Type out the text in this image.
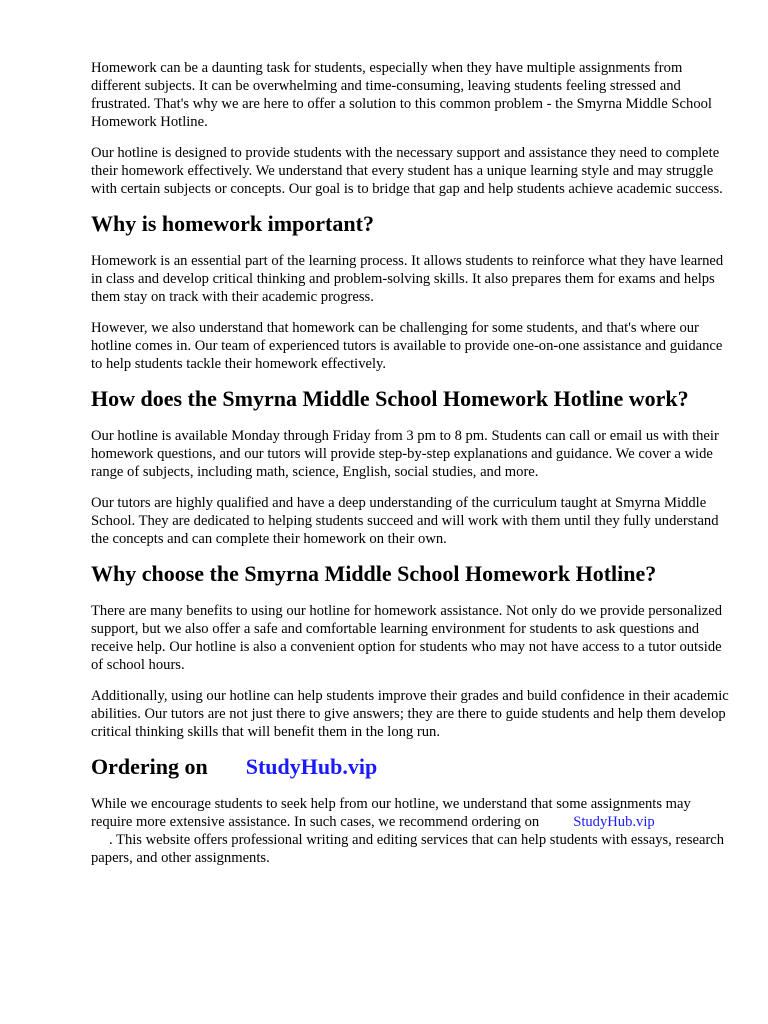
Homework can be a daunting task for students, especially when they have multiple assignments from different subjects. It can be overwhelming and time-consuming, leaving students feeling stressed and frustrated. That's why we are here to offer a solution to this common problem - the Smyrna Middle School Homework Hotline.

Our hotline is designed to provide students with the necessary support and assistance they need to complete their homework effectively. We understand that every student has a unique learning style and may struggle with certain subjects or concepts. Our goal is to bridge that gap and help students achieve academic success.

Why is homework important?

Homework is an essential part of the learning process. It allows students to reinforce what they have learned in class and develop critical thinking and problem-solving skills. It also prepares them for exams and helps them stay on track with their academic progress.

However, we also understand that homework can be challenging for some students, and that's where our hotline comes in. Our team of experienced tutors is available to provide one-on-one assistance and guidance to help students tackle their homework effectively.

How does the Smyrna Middle School Homework Hotline work?

Our hotline is available Monday through Friday from 3 pm to 8 pm. Students can call or email us with their homework questions, and our tutors will provide step-by-step explanations and guidance. We cover a wide range of subjects, including math, science, English, social studies, and more.

Our tutors are highly qualified and have a deep understanding of the curriculum taught at Smyrna Middle School. They are dedicated to helping students succeed and will work with them until they fully understand the concepts and can complete their homework on their own.

Why choose the Smyrna Middle School Homework Hotline?

There are many benefits to using our hotline for homework assistance. Not only do we provide personalized support, but we also offer a safe and comfortable learning environment for students to ask questions and receive help. Our hotline is also a convenient option for students who may not have access to a tutor outside of school hours.

Additionally, using our hotline can help students improve their grades and build confidence in their academic abilities. Our tutors are not just there to give answers; they are there to guide students and help them develop critical thinking skills that will benefit them in the long run.

Ordering on StudyHub.vip

While we encourage students to seek help from our hotline, we understand that some assignments may require more extensive assistance. In such cases, we recommend ordering on StudyHub.vip
. This website offers professional writing and editing services that can help students with essays, research papers, and other assignments.
